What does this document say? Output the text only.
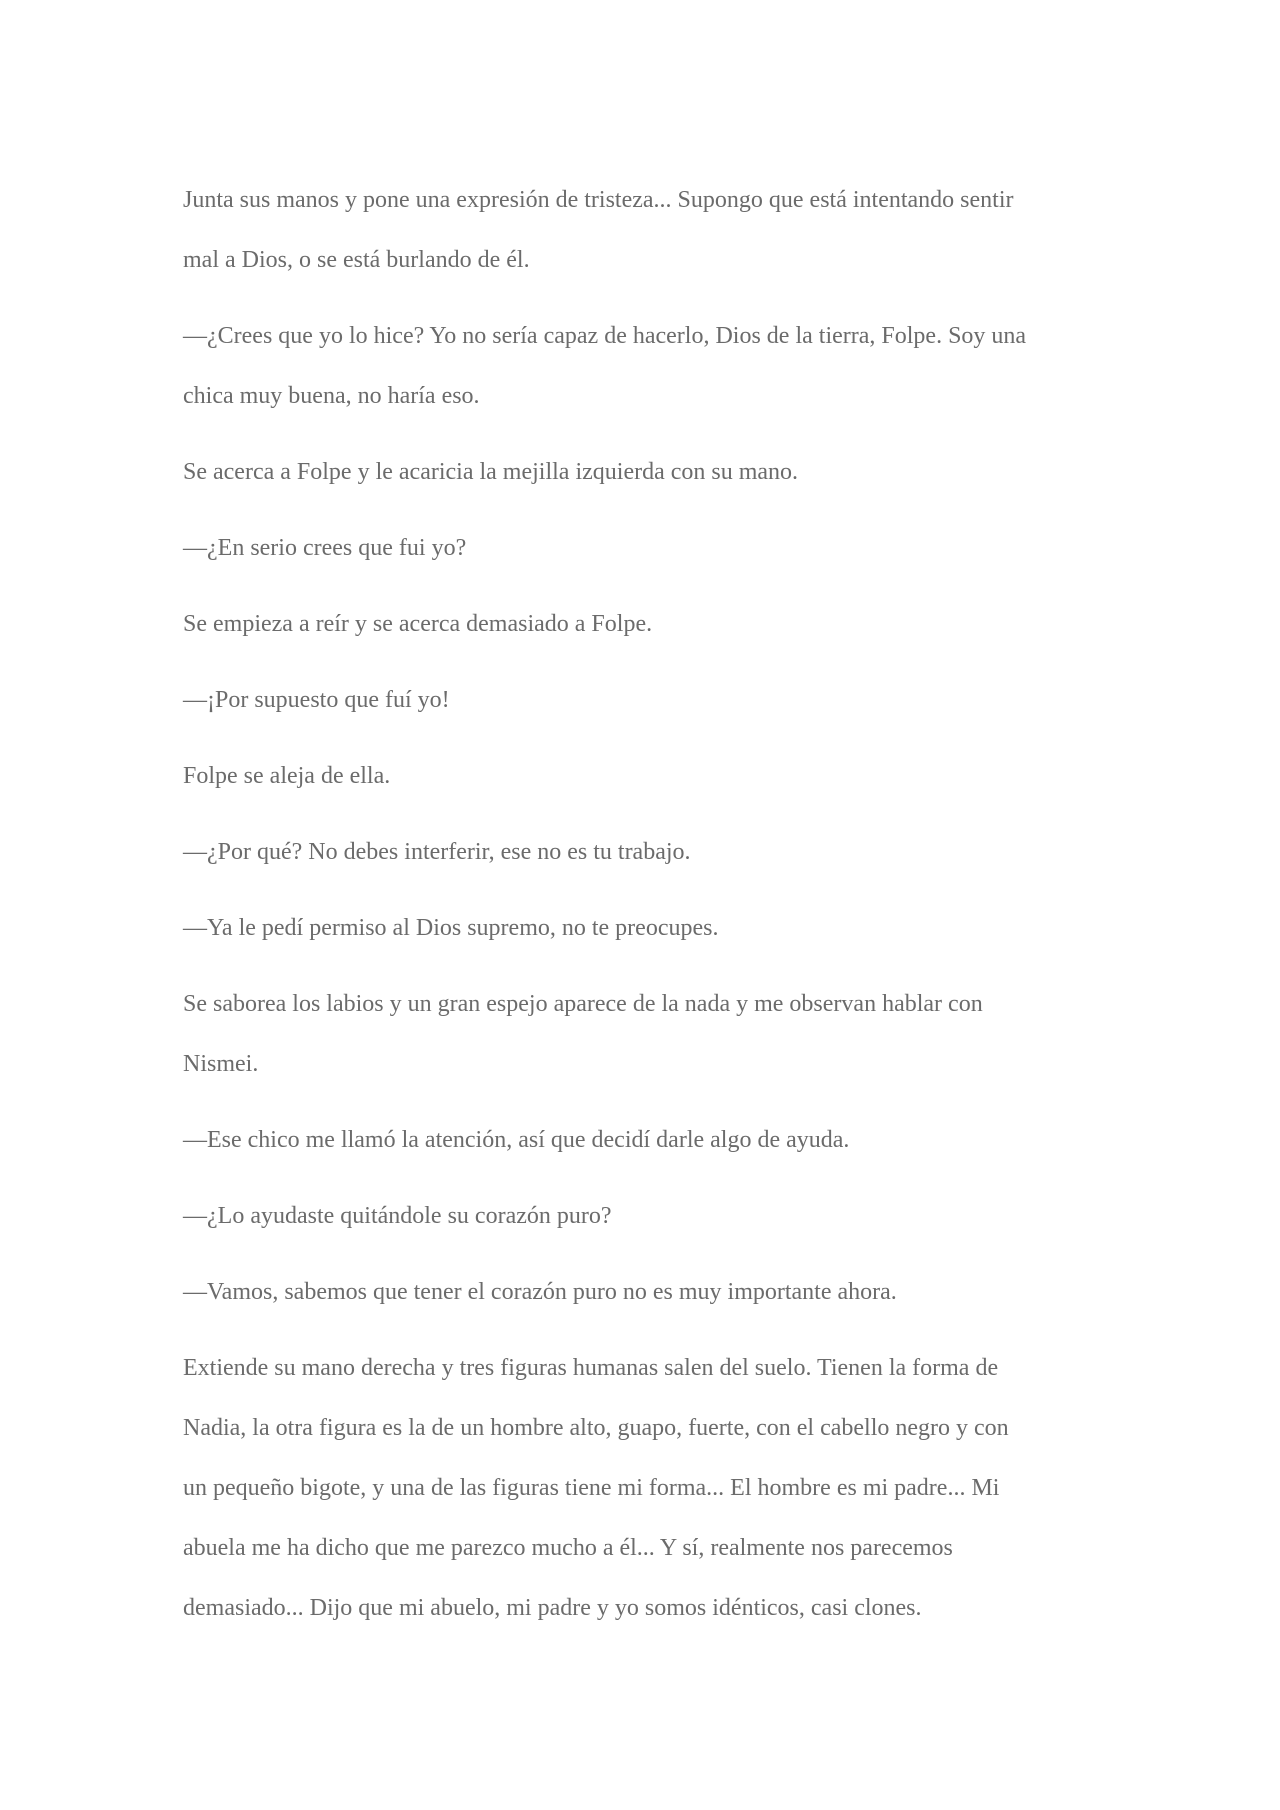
Junta sus manos y pone una expresión de tristeza... Supongo que está intentando sentir
mal a Dios, o se está burlando de él.

—¿Crees que yo lo hice? Yo no sería capaz de hacerlo, Dios de la tierra, Folpe. Soy una
chica muy buena, no haría eso.

Se acerca a Folpe y le acaricia la mejilla izquierda con su mano.

—¿En serio crees que fui yo?

Se empieza a reír y se acerca demasiado a Folpe.

—¡Por supuesto que fuí yo!

Folpe se aleja de ella.

—¿Por qué? No debes interferir, ese no es tu trabajo.

—Ya le pedí permiso al Dios supremo, no te preocupes.

Se saborea los labios y un gran espejo aparece de la nada y me observan hablar con
Nismei.

—Ese chico me llamó la atención, así que decidí darle algo de ayuda.

—¿Lo ayudaste quitándole su corazón puro?

—Vamos, sabemos que tener el corazón puro no es muy importante ahora.

Extiende su mano derecha y tres figuras humanas salen del suelo. Tienen la forma de
Nadia, la otra figura es la de un hombre alto, guapo, fuerte, con el cabello negro y con
un pequeño bigote, y una de las figuras tiene mi forma... El hombre es mi padre... Mi
abuela me ha dicho que me parezco mucho a él... Y sí, realmente nos parecemos
demasiado... Dijo que mi abuelo, mi padre y yo somos idénticos, casi clones.
